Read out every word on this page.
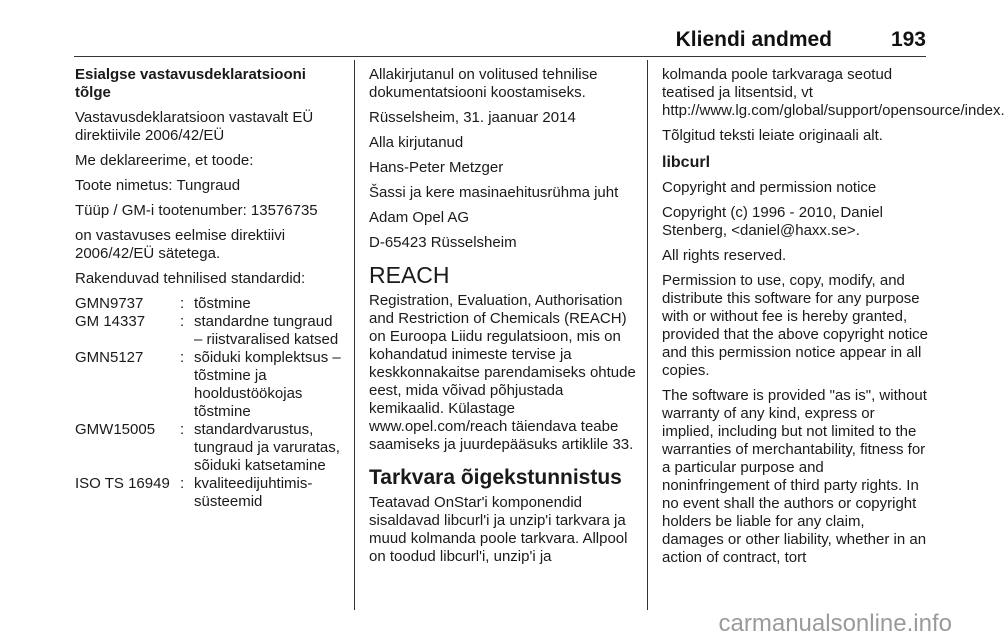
Kliendi andmed	193

Esialgse vastavusdeklaratsiooni tõlge

Vastavusdeklaratsioon vastavalt EÜ direktiivile 2006/42/EÜ

Me deklareerime, et toode:

Toote nimetus: Tungraud

Tüüp / GM-i tootenumber: 13576735

on vastavuses eelmise direktiivi 2006/42/EÜ sätetega.

Rakenduvad tehnilised standardid:

GMN9737	: tõstmine
GM 14337	: standardne tungraud – riistvaralised katsed
GMN5127	: sõiduki komplektsus – tõstmine ja hooldustöökojas tõstmine
GMW15005	: standardvarustus, tungraud ja varuratas, sõiduki katsetamine
ISO TS 16949 : kvaliteedijuhtimis-süsteemid

Allakirjutanul on volitused tehnilise dokumentatsiooni koostamiseks.

Rüsselsheim, 31. jaanuar 2014

Alla kirjutanud

Hans-Peter Metzger

Šassi ja kere masinaehitusrühma juht

Adam Opel AG

D-65423 Rüsselsheim

REACH

Registration, Evaluation, Authorisation and Restriction of Chemicals (REACH) on Euroopa Liidu regulatsioon, mis on kohandatud inimeste tervise ja keskkonnakaitse parendamiseks ohtude eest, mida võivad põhjustada kemikaalid. Külastage www.opel.com/reach täiendava teabe saamiseks ja juurdepääsuks artiklile 33.

Tarkvara õigekstunnistus

Teatavad OnStar'i komponendid sisaldavad libcurl'i ja unzip'i tarkvara ja muud kolmanda poole tarkvara. Allpool on toodud libcurl'i, unzip'i ja

kolmanda poole tarkvaraga seotud teatised ja litsentsid, vt http://www.lg.com/global/support/opensource/index.

Tõlgitud teksti leiate originaali alt.

libcurl

Copyright and permission notice

Copyright (c) 1996 - 2010, Daniel Stenberg, <daniel@haxx.se>.

All rights reserved.

Permission to use, copy, modify, and distribute this software for any purpose with or without fee is hereby granted, provided that the above copyright notice and this permission notice appear in all copies.

The software is provided "as is", without warranty of any kind, express or implied, including but not limited to the warranties of merchantability, fitness for a particular purpose and noninfringement of third party rights. In no event shall the authors or copyright holders be liable for any claim, damages or other liability, whether in an action of contract, tort

carmanualsonline.info
